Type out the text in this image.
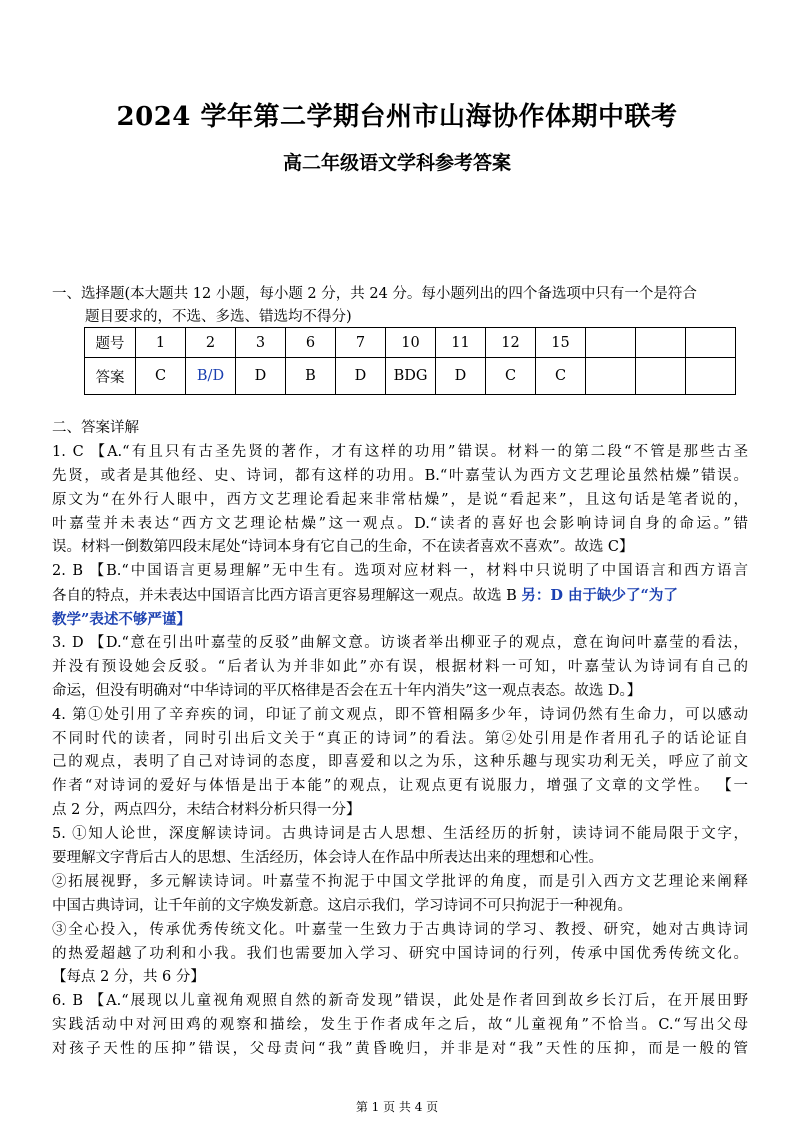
2024 学年第二学期台州市山海协作体期中联考
高二年级语文学科参考答案
一、选择题(本大题共 12 小题，每小题 2 分，共 24 分。每小题列出的四个备选项中只有一个是符合
题目要求的，不选、多选、错选均不得分)
题号	1	2	3	6	7	10	11	12	15			
答案	C	B/D	D	B	D	BDG	D	C	C			
二、答案详解
1. C 【A.“有且只有古圣先贤的著作，才有这样的功用”错误。材料一的第二段“不管是那些古圣
先贤，或者是其他经、史、诗词，都有这样的功用。B.“叶嘉莹认为西方文艺理论虽然枯燥”错误。
原文为“在外行人眼中，西方文艺理论看起来非常枯燥”，是说“看起来”，且这句话是笔者说的，
叶嘉莹并未表达“西方文艺理论枯燥”这一观点。D.“读者的喜好也会影响诗词自身的命运。”错
误。材料一倒数第四段末尾处“诗词本身有它自己的生命，不在读者喜欢不喜欢”。故选 C】
2. B 【B.“中国语言更易理解”无中生有。选项对应材料一，材料中只说明了中国语言和西方语言
各自的特点，并未表达中国语言比西方语言更容易理解这一观点。故选 B 另：D 由于缺少了“为了
教学”表述不够严谨】
3. D 【D.“意在引出叶嘉莹的反驳”曲解文意。访谈者举出柳亚子的观点，意在询问叶嘉莹的看法，
并没有预设她会反驳。“后者认为并非如此”亦有误，根据材料一可知，叶嘉莹认为诗词有自己的
命运，但没有明确对“中华诗词的平仄格律是否会在五十年内消失”这一观点表态。故选 D。】
4. 第①处引用了辛弃疾的词，印证了前文观点，即不管相隔多少年，诗词仍然有生命力，可以感动
不同时代的读者，同时引出后文关于“真正的诗词”的看法。第②处引用是作者用孔子的话论证自
己的观点，表明了自己对诗词的态度，即喜爱和以之为乐，这种乐趣与现实功利无关，呼应了前文
作者“对诗词的爱好与体悟是出于本能”的观点，让观点更有说服力，增强了文章的文学性。 【一
点 2 分，两点四分，未结合材料分析只得一分】
5. ①知人论世，深度解读诗词。古典诗词是古人思想、生活经历的折射，读诗词不能局限于文字，
要理解文字背后古人的思想、生活经历，体会诗人在作品中所表达出来的理想和心性。
②拓展视野，多元解读诗词。叶嘉莹不拘泥于中国文学批评的角度，而是引入西方文艺理论来阐释
中国古典诗词，让千年前的文字焕发新意。这启示我们，学习诗词不可只拘泥于一种视角。
③全心投入，传承优秀传统文化。叶嘉莹一生致力于古典诗词的学习、教授、研究，她对古典诗词
的热爱超越了功利和小我。我们也需要加入学习、研究中国诗词的行列，传承中国优秀传统文化。
【每点 2 分，共 6 分】
6. B 【A.“展现以儿童视角观照自然的新奇发现”错误，此处是作者回到故乡长汀后，在开展田野
实践活动中对河田鸡的观察和描绘，发生于作者成年之后，故“儿童视角”不恰当。C.“写出父母
对孩子天性的压抑”错误，父母责问“我”黄昏晚归，并非是对“我”天性的压抑，而是一般的管
第 1 页 共 4 页
